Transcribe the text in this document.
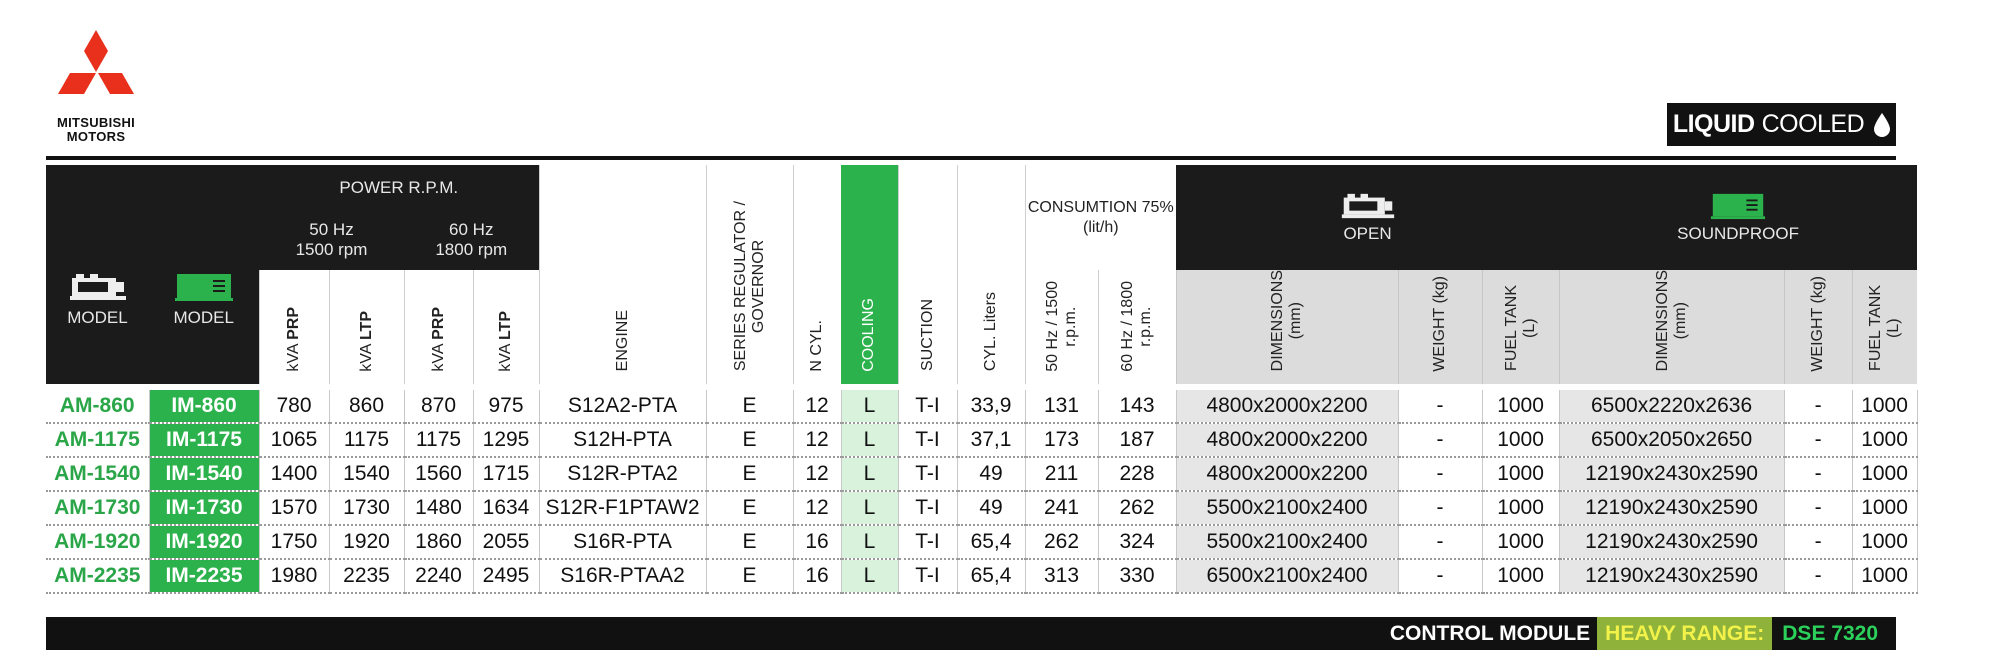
MITSUBISHI
MOTORS	LIQUID COOLED
MODEL	MODEL	POWER R.P.M.				ENGINE	SERIES REGULATOR /
GOVERNOR	N CYL.	COOLING	SUCTION	CYL. Liters	CONSUMTION 75%
(lit/h)		OPEN			SOUNDPROOF		
		50 Hz
1500 rpm		60 Hz
1800 rpm															
		kVA PRP	kVA LTP	kVA PRP	kVA LTP							50 Hz / 1500
r.p.m.	60 Hz / 1800
r.p.m.	DIMENSIONS
(mm)	WEIGHT (kg)	FUEL TANK
(L)	DIMENSIONS
(mm)	WEIGHT (kg)	FUEL TANK
(L)

AM-860	IM-860	780	860	870	975	S12A2-PTA	E	12	L	T-I	33,9	131	143	4800x2000x2200	-	1000	6500x2220x2636	-	1000
AM-1175	IM-1175	1065	1175	1175	1295	S12H-PTA	E	12	L	T-I	37,1	173	187	4800x2000x2200	-	1000	6500x2050x2650	-	1000
AM-1540	IM-1540	1400	1540	1560	1715	S12R-PTA2	E	12	L	T-I	49	211	228	4800x2000x2200	-	1000	12190x2430x2590	-	1000
AM-1730	IM-1730	1570	1730	1480	1634	S12R-F1PTAW2	E	12	L	T-I	49	241	262	5500x2100x2400	-	1000	12190x2430x2590	-	1000
AM-1920	IM-1920	1750	1920	1860	2055	S16R-PTA	E	16	L	T-I	65,4	262	324	5500x2100x2400	-	1000	12190x2430x2590	-	1000
AM-2235	IM-2235	1980	2235	2240	2495	S16R-PTAA2	E	16	L	T-I	65,4	313	330	6500x2100x2400	-	1000	12190x2430x2590	-	1000
CONTROL MODULE HEAVY RANGE: DSE 7320
